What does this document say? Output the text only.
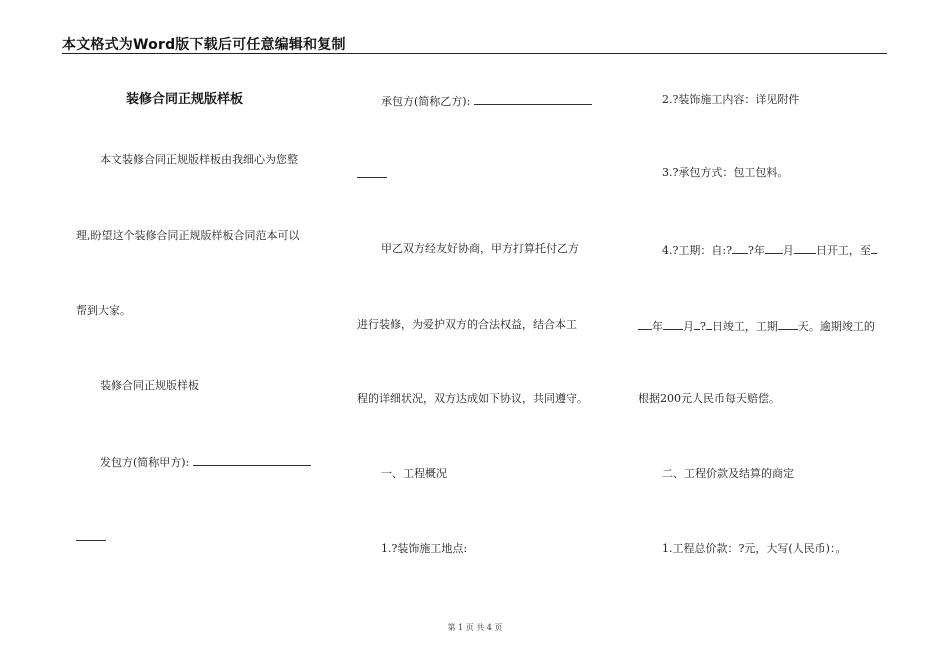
本文格式为Word版下载后可任意编辑和复制
装修合同正规版样板
本文装修合同正规版样板由我细心为您整
理,盼望这个装修合同正规版样板合同范本可以
帮到大家。
装修合同正规版样板
发包方(简称甲方):
承包方(简称乙方):
甲乙双方经友好协商，甲方打算托付乙方
进行装修，为爱护双方的合法权益，结合本工
程的详细状况，双方达成如下协议，共同遵守。
一、工程概况
1.?装饰施工地点:
2.?装饰施工内容：详见附件
3.?承包方式：包工包料。
4.?工期：自:? ?年 月 日开工，至
年 月 ? 日竣工，工期 天。逾期竣工的
根据200元人民币每天赔偿。
二、工程价款及结算的商定
1.工程总价款：?元，大写(人民币)：。
第 1 页 共 4 页
